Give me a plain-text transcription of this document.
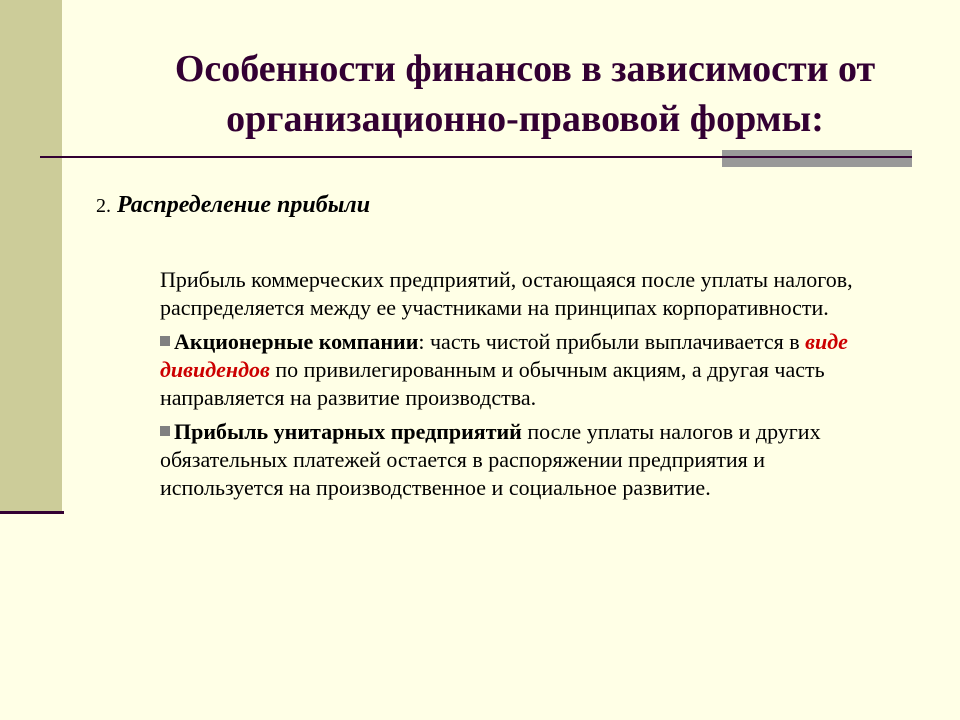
Особенности финансов в зависимости от
организационно-правовой формы:
2. Распределение прибыли

Прибыль коммерческих предприятий, остающаяся после уплаты налогов, распределяется между ее участниками на принципах корпоративности.

Акционерные компании: часть чистой прибыли выплачивается в виде дивидендов по привилегированным и обычным акциям, а другая часть направляется на развитие производства.

Прибыль унитарных предприятий после уплаты налогов и других обязательных платежей остается в распоряжении предприятия и используется на производственное и социальное развитие.
